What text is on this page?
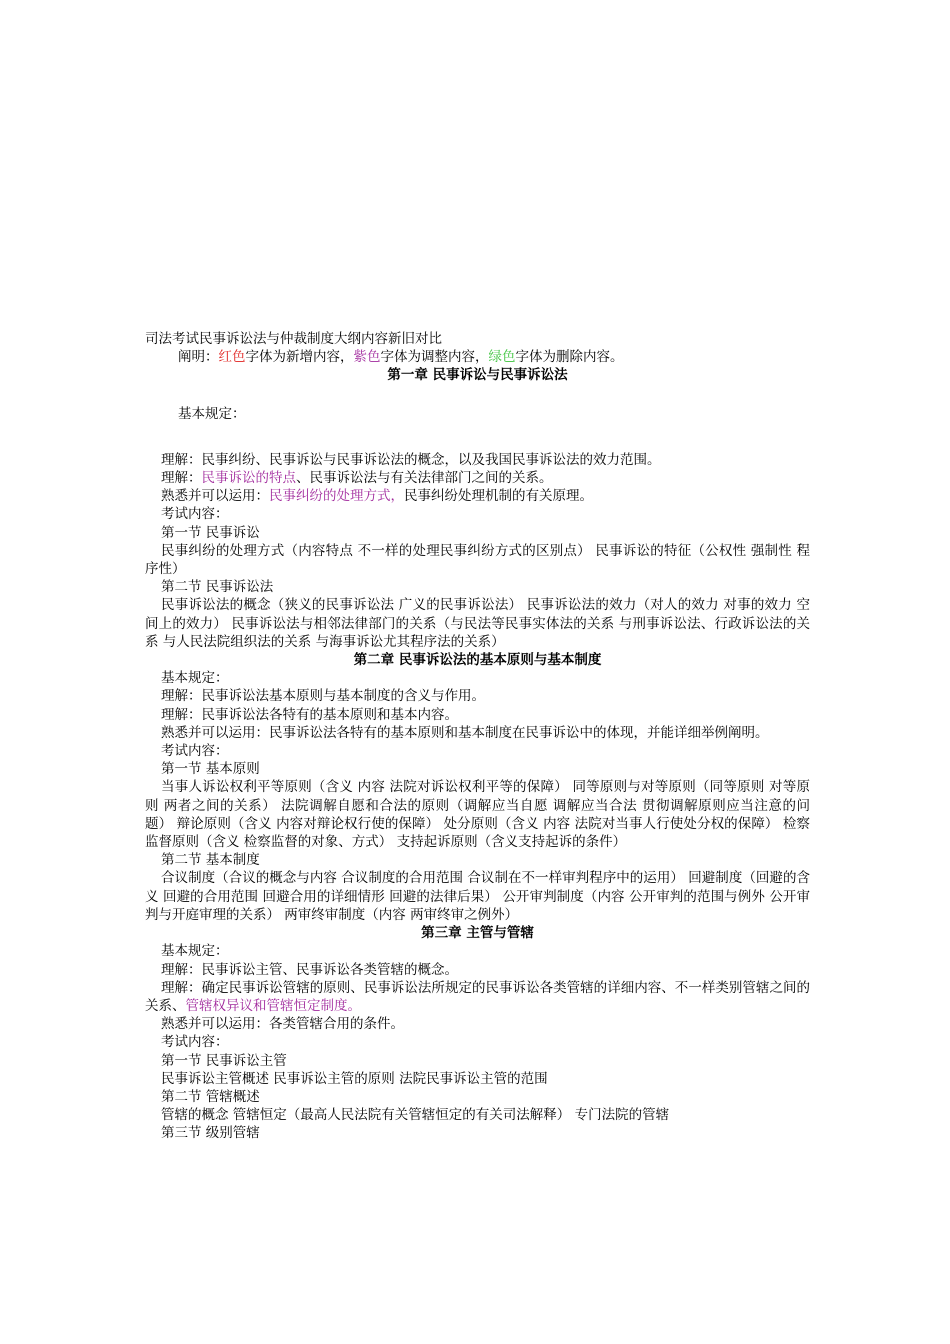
司法考试民事诉讼法与仲裁制度大纲内容新旧对比
阐明：红色字体为新增内容，紫色字体为调整内容，绿色字体为删除内容。
第一章 民事诉讼与民事诉讼法
基本规定：
理解：民事纠纷、民事诉讼与民事诉讼法的概念，以及我国民事诉讼法的效力范围。
理解：民事诉讼的特点、民事诉讼法与有关法律部门之间的关系。
熟悉并可以运用：民事纠纷的处理方式，民事纠纷处理机制的有关原理。
考试内容：
第一节 民事诉讼
民事纠纷的处理方式（内容特点 不一样的处理民事纠纷方式的区别点） 民事诉讼的特征（公权性 强制性 程序性）
第二节 民事诉讼法
民事诉讼法的概念（狭义的民事诉讼法 广义的民事诉讼法） 民事诉讼法的效力（对人的效力 对事的效力 空间上的效力） 民事诉讼法与相邻法律部门的关系（与民法等民事实体法的关系 与刑事诉讼法、行政诉讼法的关系 与人民法院组织法的关系 与海事诉讼尤其程序法的关系）
第二章 民事诉讼法的基本原则与基本制度
基本规定：
理解：民事诉讼法基本原则与基本制度的含义与作用。
理解：民事诉讼法各特有的基本原则和基本内容。
熟悉并可以运用：民事诉讼法各特有的基本原则和基本制度在民事诉讼中的体现，并能详细举例阐明。
考试内容：
第一节 基本原则
当事人诉讼权利平等原则（含义 内容 法院对诉讼权利平等的保障） 同等原则与对等原则（同等原则 对等原则 两者之间的关系） 法院调解自愿和合法的原则（调解应当自愿 调解应当合法 贯彻调解原则应当注意的问题） 辩论原则（含义 内容对辩论权行使的保障） 处分原则（含义 内容 法院对当事人行使处分权的保障） 检察监督原则（含义 检察监督的对象、方式） 支持起诉原则（含义支持起诉的条件）
第二节 基本制度
合议制度（合议的概念与内容 合议制度的合用范围 合议制在不一样审判程序中的运用） 回避制度（回避的含义 回避的合用范围 回避合用的详细情形 回避的法律后果） 公开审判制度（内容 公开审判的范围与例外 公开审判与开庭审理的关系） 两审终审制度（内容 两审终审之例外）
第三章 主管与管辖
基本规定：
理解：民事诉讼主管、民事诉讼各类管辖的概念。
理解：确定民事诉讼管辖的原则、民事诉讼法所规定的民事诉讼各类管辖的详细内容、不一样类别管辖之间的关系、管辖权异议和管辖恒定制度。
熟悉并可以运用：各类管辖合用的条件。
考试内容：
第一节 民事诉讼主管
民事诉讼主管概述 民事诉讼主管的原则 法院民事诉讼主管的范围
第二节 管辖概述
管辖的概念 管辖恒定（最高人民法院有关管辖恒定的有关司法解释） 专门法院的管辖
第三节 级别管辖
